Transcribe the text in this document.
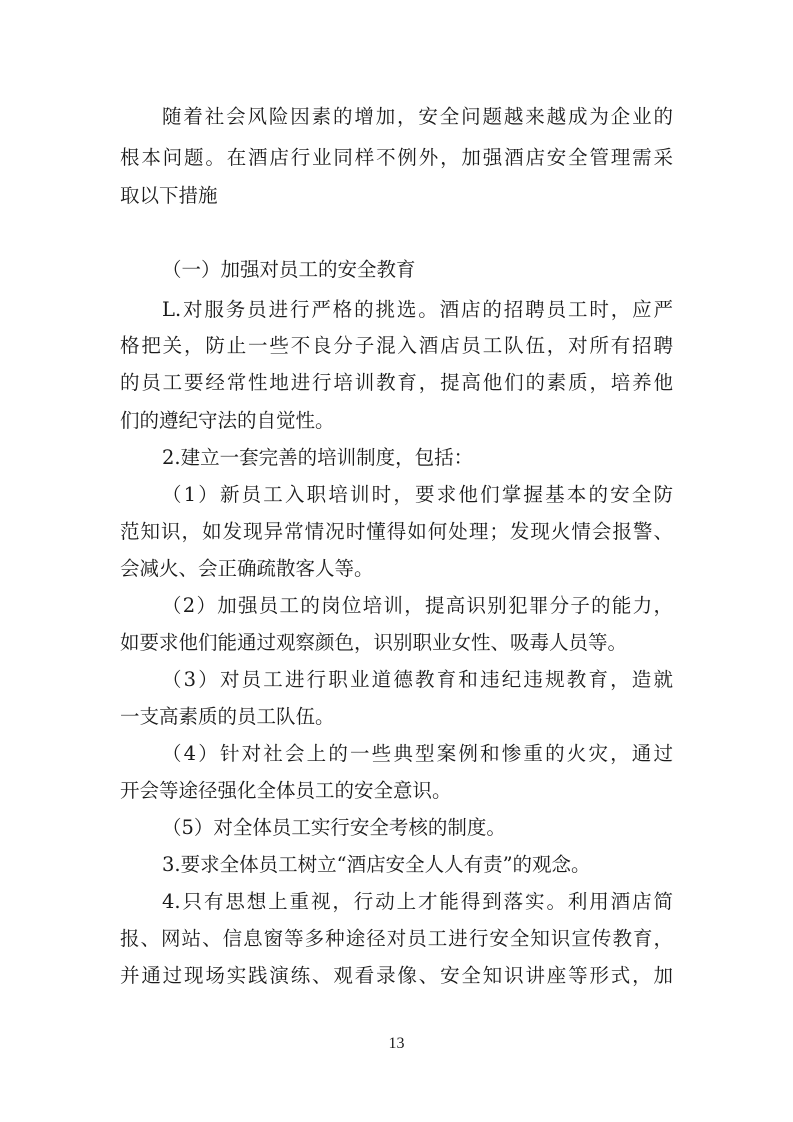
随着社会风险因素的增加，安全问题越来越成为企业的
根本问题。在酒店行业同样不例外，加强酒店安全管理需采
取以下措施
（一）加强对员工的安全教育
L.对服务员进行严格的挑选。酒店的招聘员工时，应严
格把关，防止一些不良分子混入酒店员工队伍，对所有招聘
的员工要经常性地进行培训教育，提高他们的素质，培养他
们的遵纪守法的自觉性。
2.建立一套完善的培训制度，包括：
（1）新员工入职培训时，要求他们掌握基本的安全防
范知识，如发现异常情况时懂得如何处理；发现火情会报警、
会减火、会正确疏散客人等。
（2）加强员工的岗位培训，提高识别犯罪分子的能力，
如要求他们能通过观察颜色，识别职业女性、吸毒人员等。
（3）对员工进行职业道德教育和违纪违规教育，造就
一支高素质的员工队伍。
（4）针对社会上的一些典型案例和惨重的火灾，通过
开会等途径强化全体员工的安全意识。
（5）对全体员工实行安全考核的制度。
3.要求全体员工树立“酒店安全人人有责”的观念。
4.只有思想上重视，行动上才能得到落实。利用酒店简
报、网站、信息窗等多种途径对员工进行安全知识宣传教育，
并通过现场实践演练、观看录像、安全知识讲座等形式，加
13
